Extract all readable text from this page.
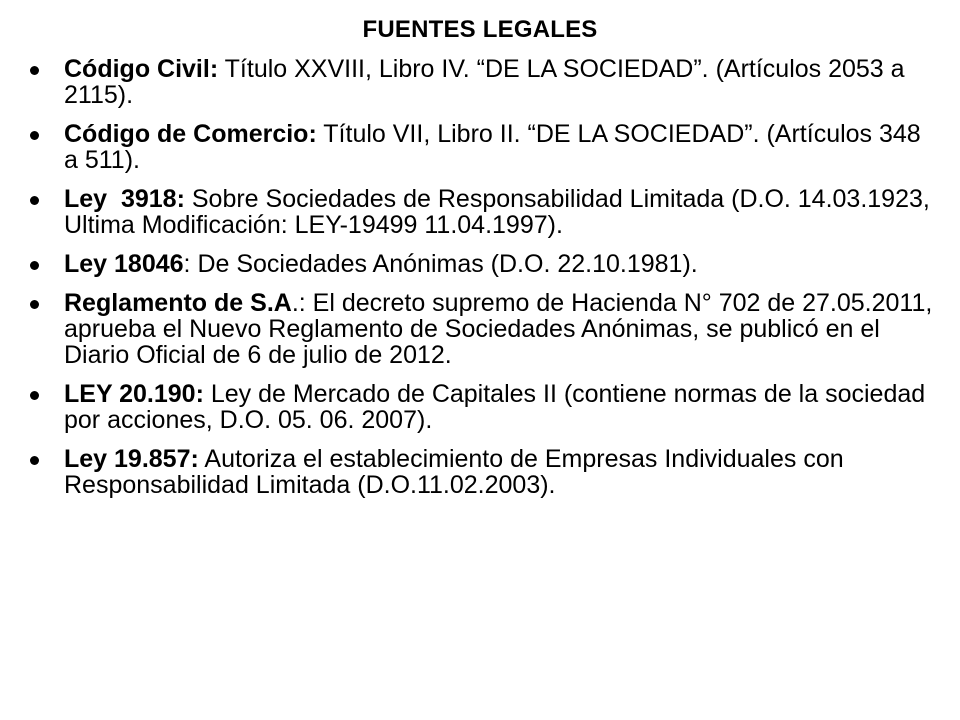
FUENTES LEGALES
Código Civil: Título XXVIII, Libro IV. “DE LA SOCIEDAD”. (Artículos 2053 a 2115).
Código de Comercio: Título VII, Libro II. “DE LA SOCIEDAD”. (Artículos 348 a 511).
Ley  3918: Sobre Sociedades de Responsabilidad Limitada (D.O. 14.03.1923, Ultima Modificación: LEY-19499 11.04.1997).
Ley 18046: De Sociedades Anónimas (D.O. 22.10.1981).
Reglamento de S.A.: El decreto supremo de Hacienda N° 702 de 27.05.2011, aprueba el Nuevo Reglamento de Sociedades Anónimas, se publicó en el Diario Oficial de 6 de julio de 2012.
LEY 20.190: Ley de Mercado de Capitales II (contiene normas de la sociedad por acciones, D.O. 05. 06. 2007).
Ley 19.857: Autoriza el establecimiento de Empresas Individuales con Responsabilidad Limitada (D.O.11.02.2003).
